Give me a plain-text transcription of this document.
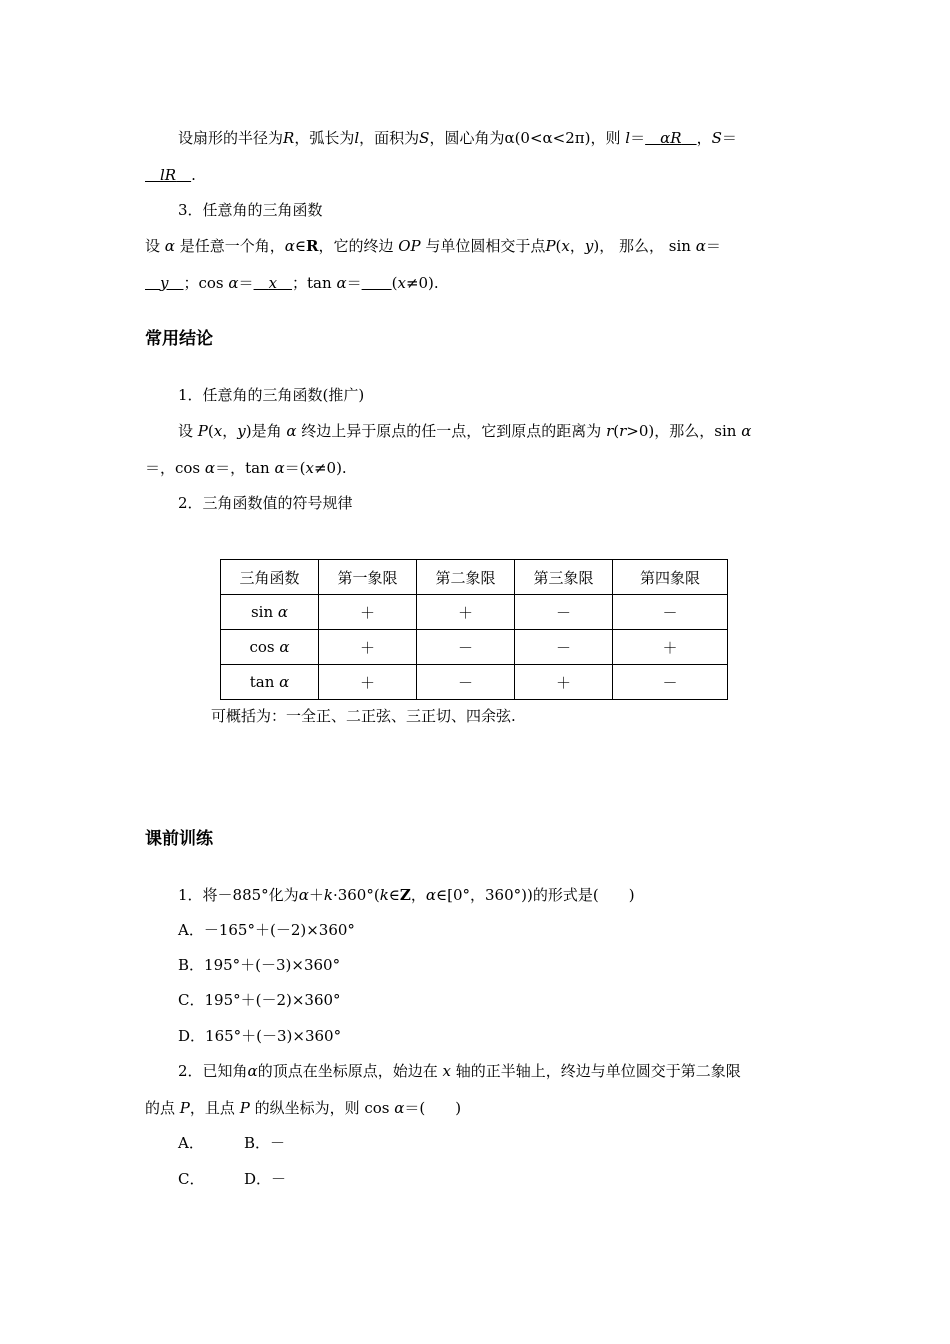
设扇形的半径为R，弧长为l，面积为S，圆心角为α(0<α<2π)，则 l＝  αR  ，S＝
 lR  .
3．任意角的三角函数
设 α 是任意一个角，α∈R，它的终边 OP 与单位圆相交于点P(x，y)， 那么， sin α＝
 y  ；cos α＝  x  ；tan α＝   (x≠0).
常用结论
1．任意角的三角函数(推广)
设 P(x，y)是角 α 终边上异于原点的任一点，它到原点的距离为 r(r>0)，那么，sin α
＝，cos α＝，tan α＝(x≠0).
2．三角函数值的符号规律
三角函数	第一象限	第二象限	第三象限	第四象限
sin α	＋	＋	－	－
cos α	＋	－	－	＋
tan α	＋	－	＋	－
可概括为：一全正、二正弦、三正切、四余弦.
课前训练
1．将－885°化为α＋k·360°(k∈Z，α∈[0°，360°))的形式是(　　)
A．－165°＋(－2)×360°
B．195°＋(－3)×360°
C．195°＋(－2)×360°
D．165°＋(－3)×360°
2．已知角α的顶点在坐标原点，始边在 x 轴的正半轴上，终边与单位圆交于第二象限
的点 P，且点 P 的纵坐标为，则 cos α＝(　　)
A．	B．－
C．	D．－
